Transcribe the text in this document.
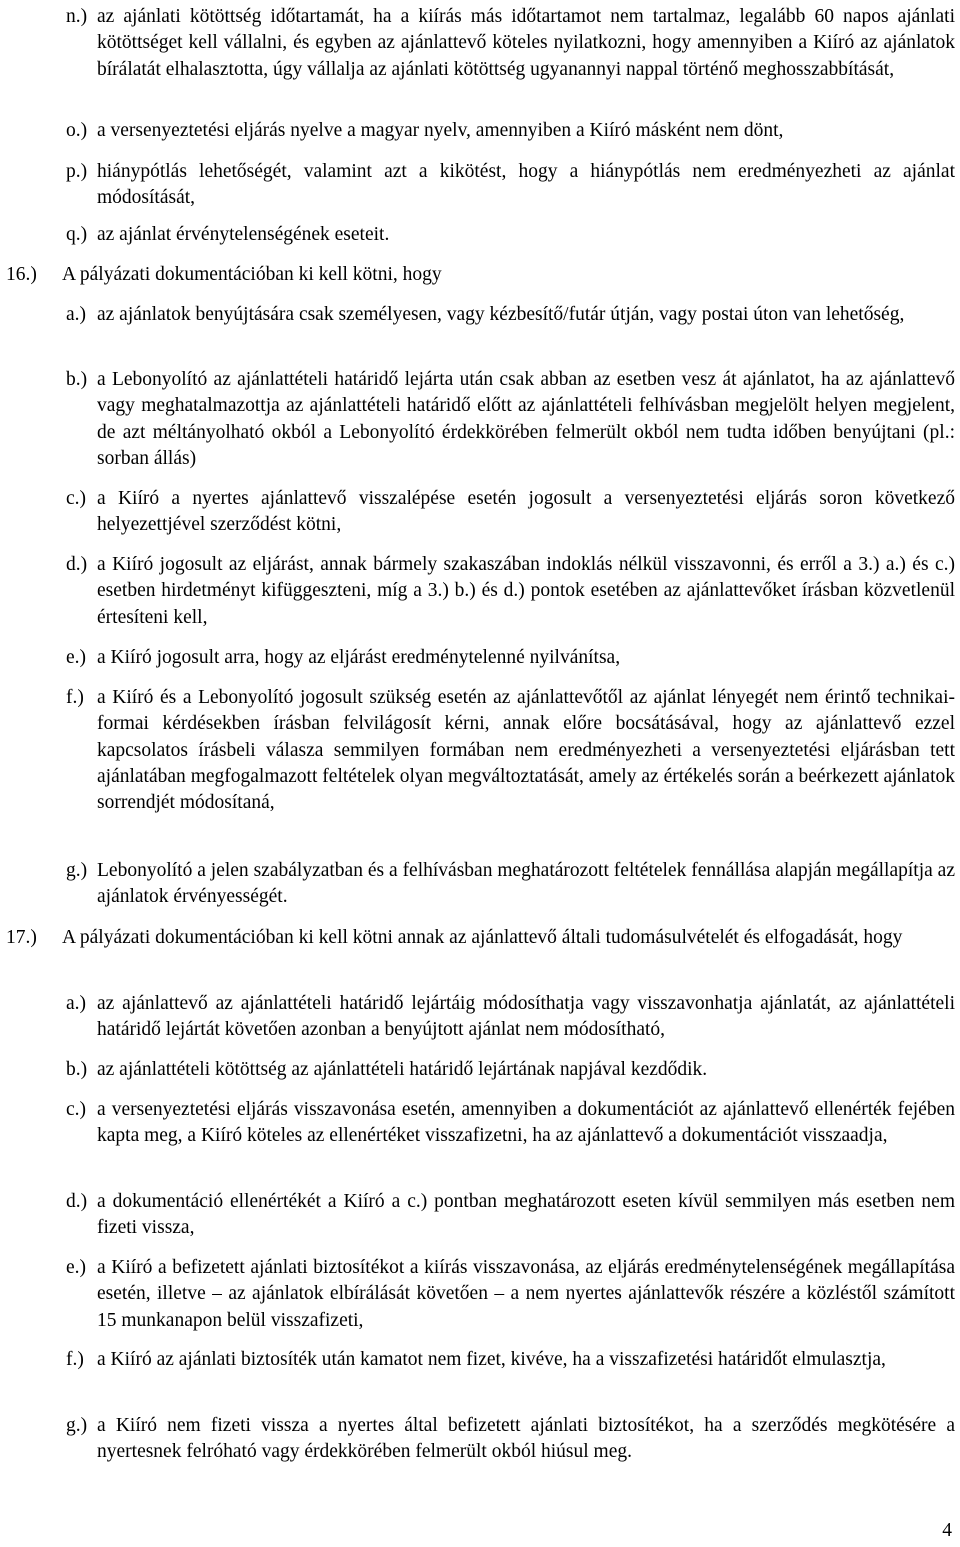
n.) az ajánlati kötöttség időtartamát, ha a kiírás más időtartamot nem tartalmaz, legalább 60 napos ajánlati kötöttséget kell vállalni, és egyben az ajánlattevő köteles nyilatkozni, hogy amennyiben a Kiíró az ajánlatok bírálatát elhalasztotta, úgy vállalja az ajánlati kötöttség ugyanannyi nappal történő meghosszabbítását,
o.) a versenyeztetési eljárás nyelve a magyar nyelv, amennyiben a Kiíró másként nem dönt,
p.) hiánypótlás lehetőségét, valamint azt a kikötést, hogy a hiánypótlás nem eredményezheti az ajánlat módosítását,
q.) az ajánlat érvénytelenségének eseteit.
16.) A pályázati dokumentációban ki kell kötni, hogy
a.) az ajánlatok benyújtására csak személyesen, vagy kézbesítő/futár útján, vagy postai úton van lehetőség,
b.) a Lebonyolító az ajánlattételi határidő lejárta után csak abban az esetben vesz át ajánlatot, ha az ajánlattevő vagy meghatalmazottja az ajánlattételi határidő előtt az ajánlattételi felhívásban megjelölt helyen megjelent, de azt méltányolható okból a Lebonyolító érdekkörében felmerült okból nem tudta időben benyújtani (pl.: sorban állás)
c.) a Kiíró a nyertes ajánlattevő visszalépése esetén jogosult a versenyeztetési eljárás soron következő helyezettjével szerződést kötni,
d.) a Kiíró jogosult az eljárást, annak bármely szakaszában indoklás nélkül visszavonni, és erről a 3.) a.) és c.) esetben hirdetményt kifüggeszteni, míg a 3.) b.) és d.) pontok esetében az ajánlattevőket írásban közvetlenül értesíteni kell,
e.) a Kiíró jogosult arra, hogy az eljárást eredménytelenné nyilvánítsa,
f.) a Kiíró és a Lebonyolító jogosult szükség esetén az ajánlattevőtől az ajánlat lényegét nem érintő technikai-formai kérdésekben írásban felvilágosít kérni, annak előre bocsátásával, hogy az ajánlattevő ezzel kapcsolatos írásbeli válasza semmilyen formában nem eredményezheti a versenyeztetési eljárásban tett ajánlatában megfogalmazott feltételek olyan megváltoztatását, amely az értékelés során a beérkezett ajánlatok sorrendjét módosítaná,
g.) Lebonyolító a jelen szabályzatban és a felhívásban meghatározott feltételek fennállása alapján megállapítja az ajánlatok érvényességét.
17.)	A pályázati dokumentációban ki kell kötni annak az ajánlattevő általi tudomásulvételét és elfogadását, hogy
a.) az ajánlattevő az ajánlattételi határidő lejártáig módosíthatja vagy visszavonhatja ajánlatát, az ajánlattételi határidő lejártát követően azonban a benyújtott ajánlat nem módosítható,
b.) az ajánlattételi kötöttség az ajánlattételi határidő lejártának napjával kezdődik.
c.) a versenyeztetési eljárás visszavonása esetén, amennyiben a dokumentációt az ajánlattevő ellenérték fejében kapta meg, a Kiíró köteles az ellenértéket visszafizetni, ha az ajánlattevő a dokumentációt visszaadja,
d.) a dokumentáció ellenértékét a Kiíró a c.) pontban meghatározott eseten kívül semmilyen más esetben nem fizeti vissza,
e.) a Kiíró a befizetett ajánlati biztosítékot a kiírás visszavonása, az eljárás eredménytelenségének megállapítása esetén, illetve – az ajánlatok elbírálását követően – a nem nyertes ajánlattevők részére a közléstől számított 15 munkanapon belül visszafizeti,
f.) a Kiíró az ajánlati biztosíték után kamatot nem fizet, kivéve, ha a visszafizetési határidőt elmulasztja,
g.) a Kiíró nem fizeti vissza a nyertes által befizetett ajánlati biztosítékot, ha a szerződés megkötésére a nyertesnek felróható vagy érdekkörében felmerült okból hiúsul meg.
4
